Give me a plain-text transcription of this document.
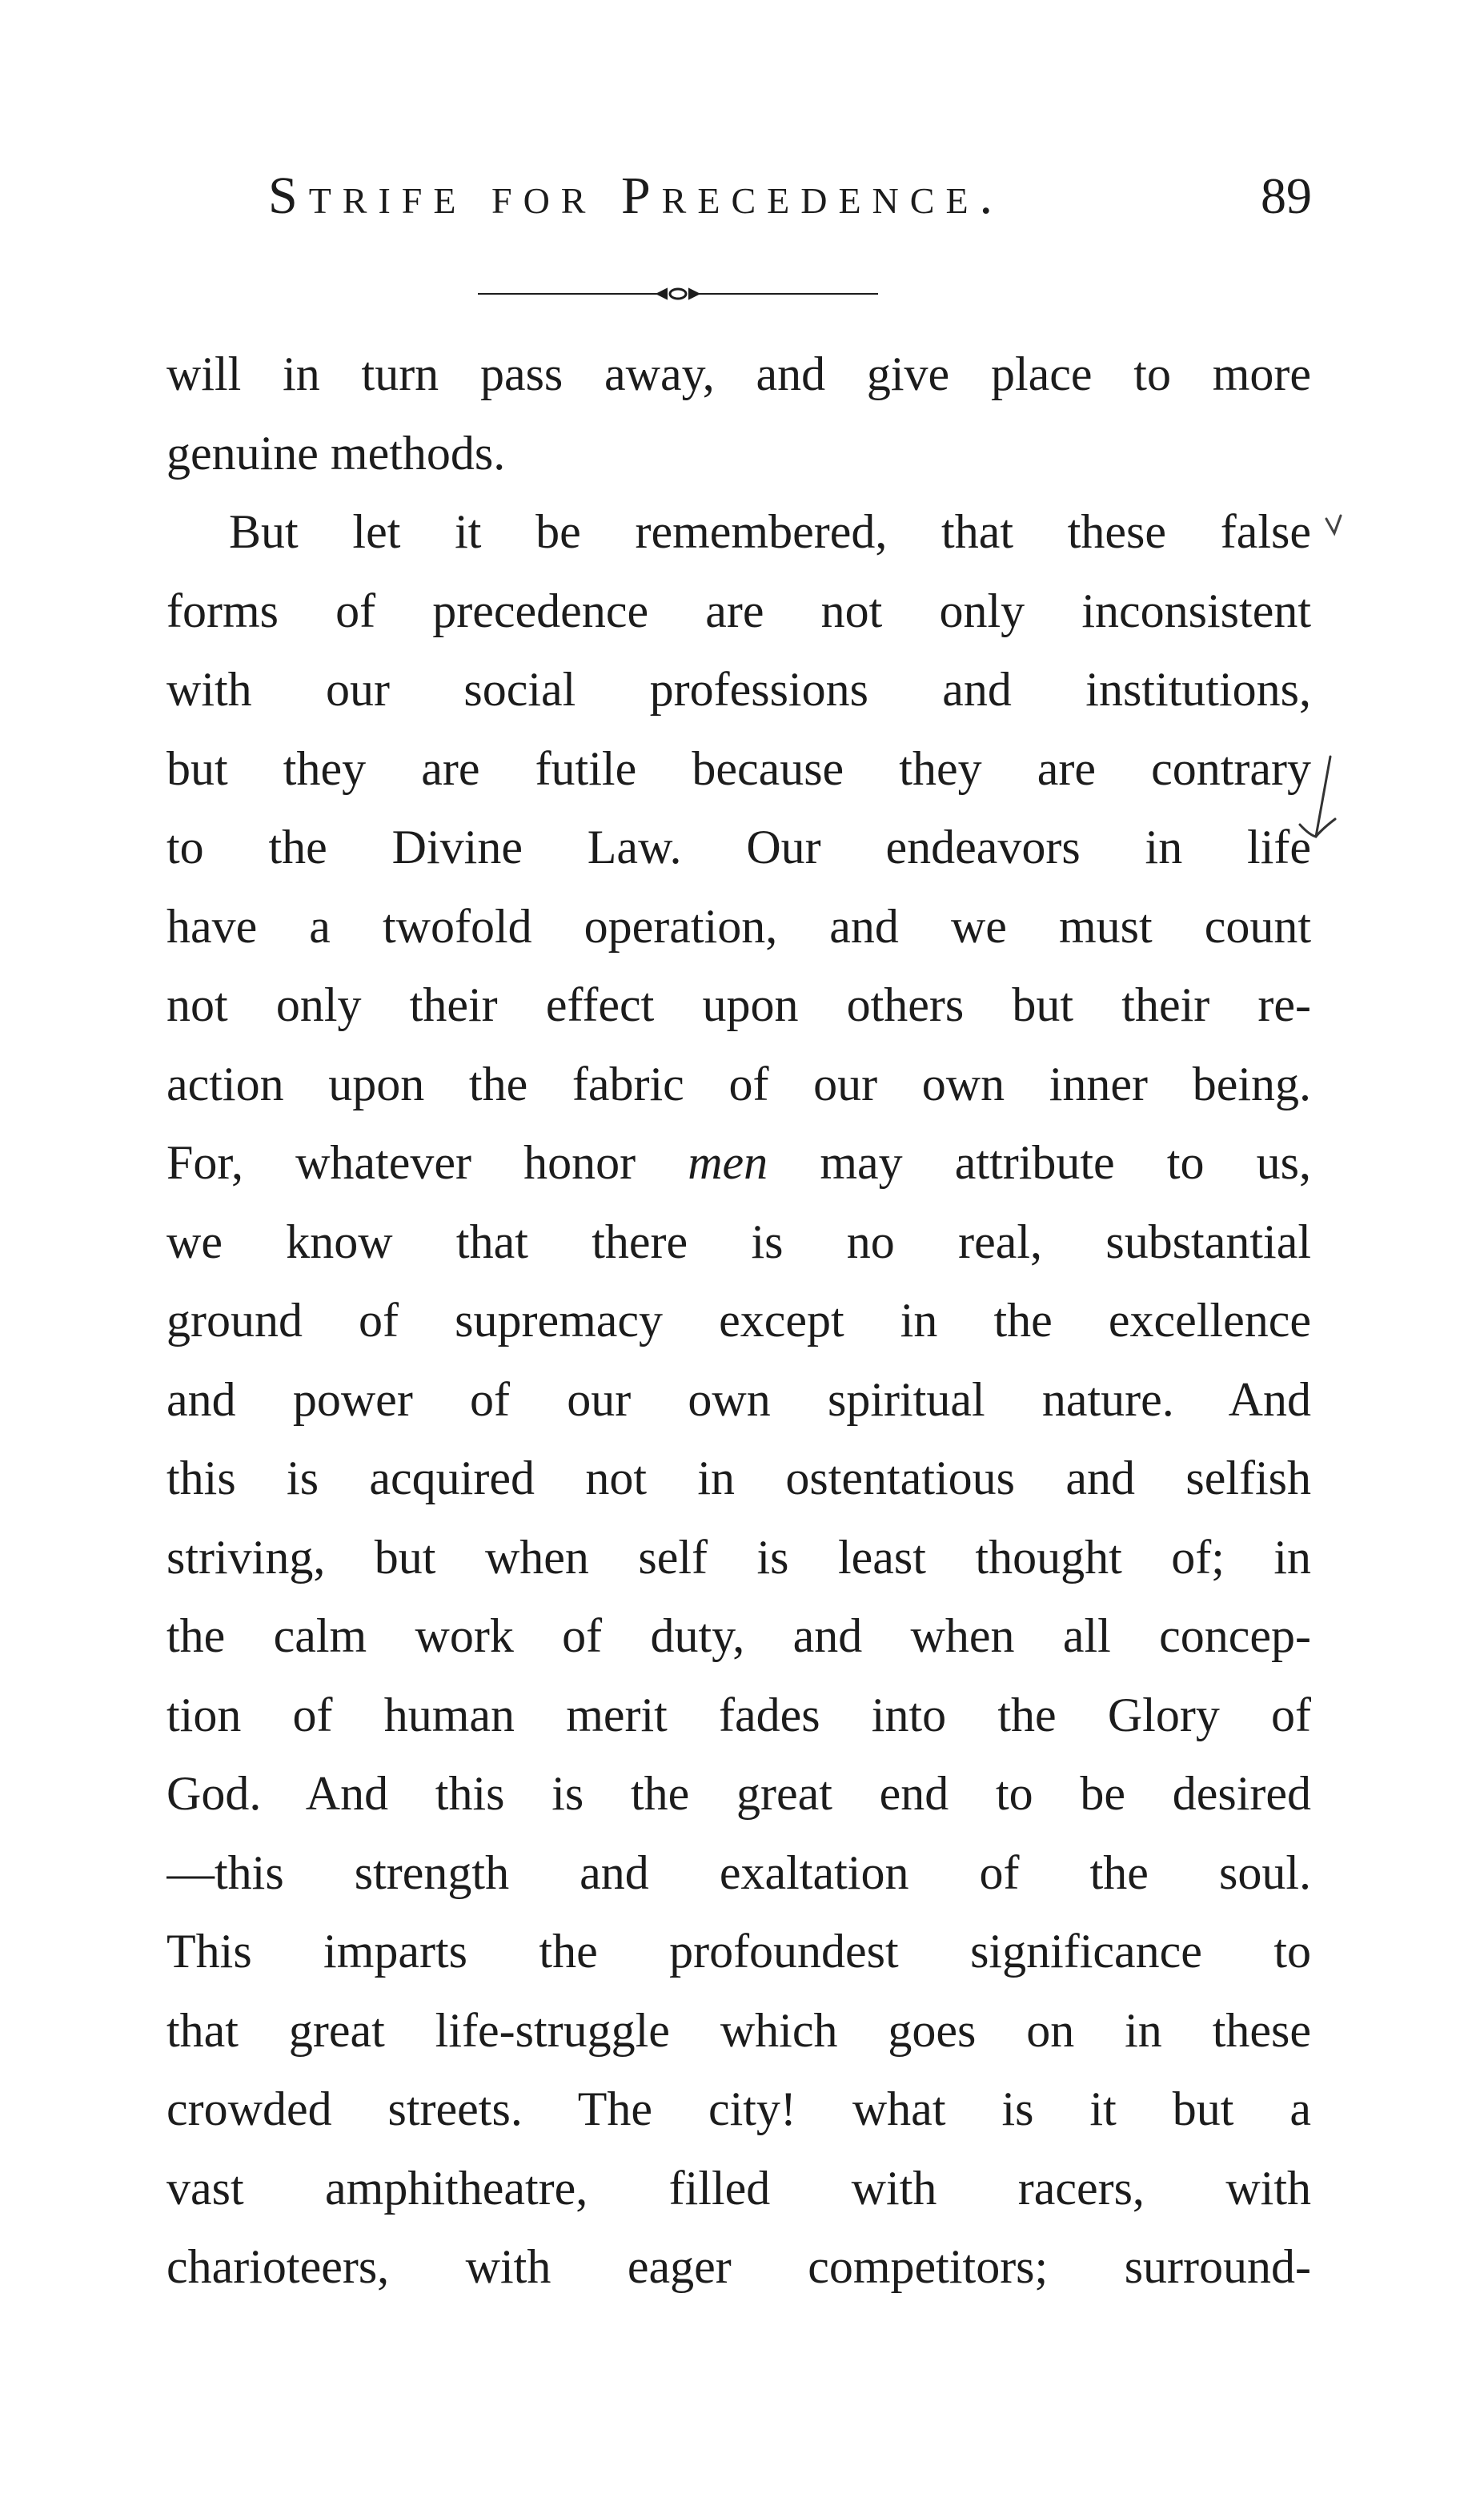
Strife for Precedence.	89
will in turn pass away, and give place to more
genuine methods.
But let it be remembered, that these false
forms of precedence are not only inconsistent
with our social professions and institutions,
but they are futile because they are contrary
to the Divine Law. Our endeavors in life
have a twofold operation, and we must count
not only their effect upon others but their re-
action upon the fabric of our own inner being.
For, whatever honor men may attribute to us,
we know that there is no real, substantial
ground of supremacy except in the excellence
and power of our own spiritual nature. And
this is acquired not in ostentatious and selfish
striving, but when self is least thought of; in
the calm work of duty, and when all concep-
tion of human merit fades into the Glory of
God. And this is the great end to be desired
—this strength and exaltation of the soul.
This imparts the profoundest significance to
that great life-struggle which goes on in these
crowded streets. The city! what is it but a
vast amphitheatre, filled with racers, with
charioteers, with eager competitors; surround-
